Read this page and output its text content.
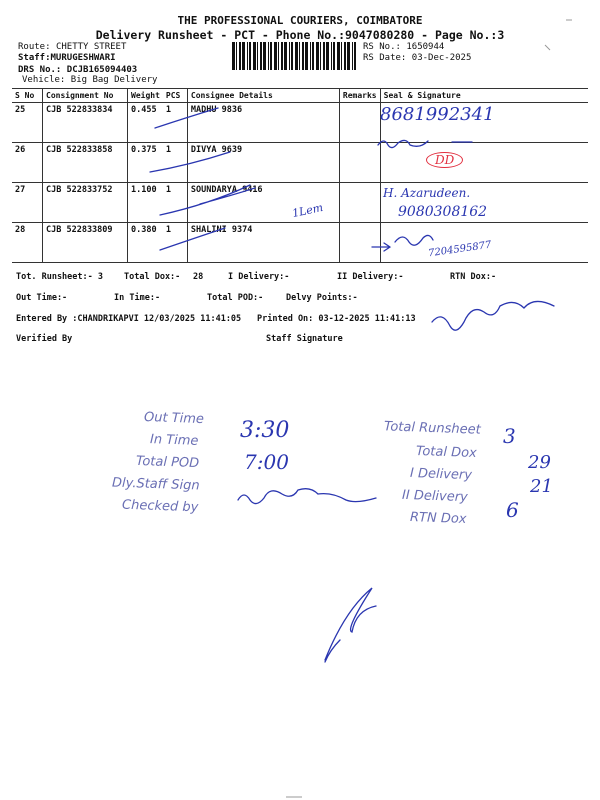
THE PROFESSIONAL COURIERS, COIMBATORE
Delivery Runsheet - PCT - Phone No.:9047080280 - Page No.:3
Route: CHETTY STREET
Staff:MURUGESHWARI
DRS No.: DCJB165094403
Vehicle: Big Bag Delivery
RS No.: 1650944
RS Date: 03-Dec-2025
S No	Consignment No	Weight	PCS	Consignee Details	Remarks	Seal & Signature
25	CJB 522833834	0.455	1	MADHU 9836		
26	CJB 522833858	0.375	1	DIVYA 9639		
27	CJB 522833752	1.100	1	SOUNDARYA 9416		
28	CJB 522833809	0.380	1	SHALINI 9374		
Tot. Runsheet:- 3 Total Dox:- 28	I Delivery:-	II Delivery:-	RTN Dox:-
Out Time:-	In Time:-	Total POD:-	Delvy Points:-
Entered By :CHANDRIKAPVI 12/03/2025 11:41:05 Printed On: 03-12-2025 11:41:13
Verified By	Staff Signature
Out Time
In Time
Total POD
Dly.Staff Sign
Checked by
Total Runsheet
Total Dox
I Delivery
II Delivery
RTN Dox
8681992341
DD
H. Azarudeen.
9080308162
1Lem
7204595877
3:30
7:00
3
29
21
6
